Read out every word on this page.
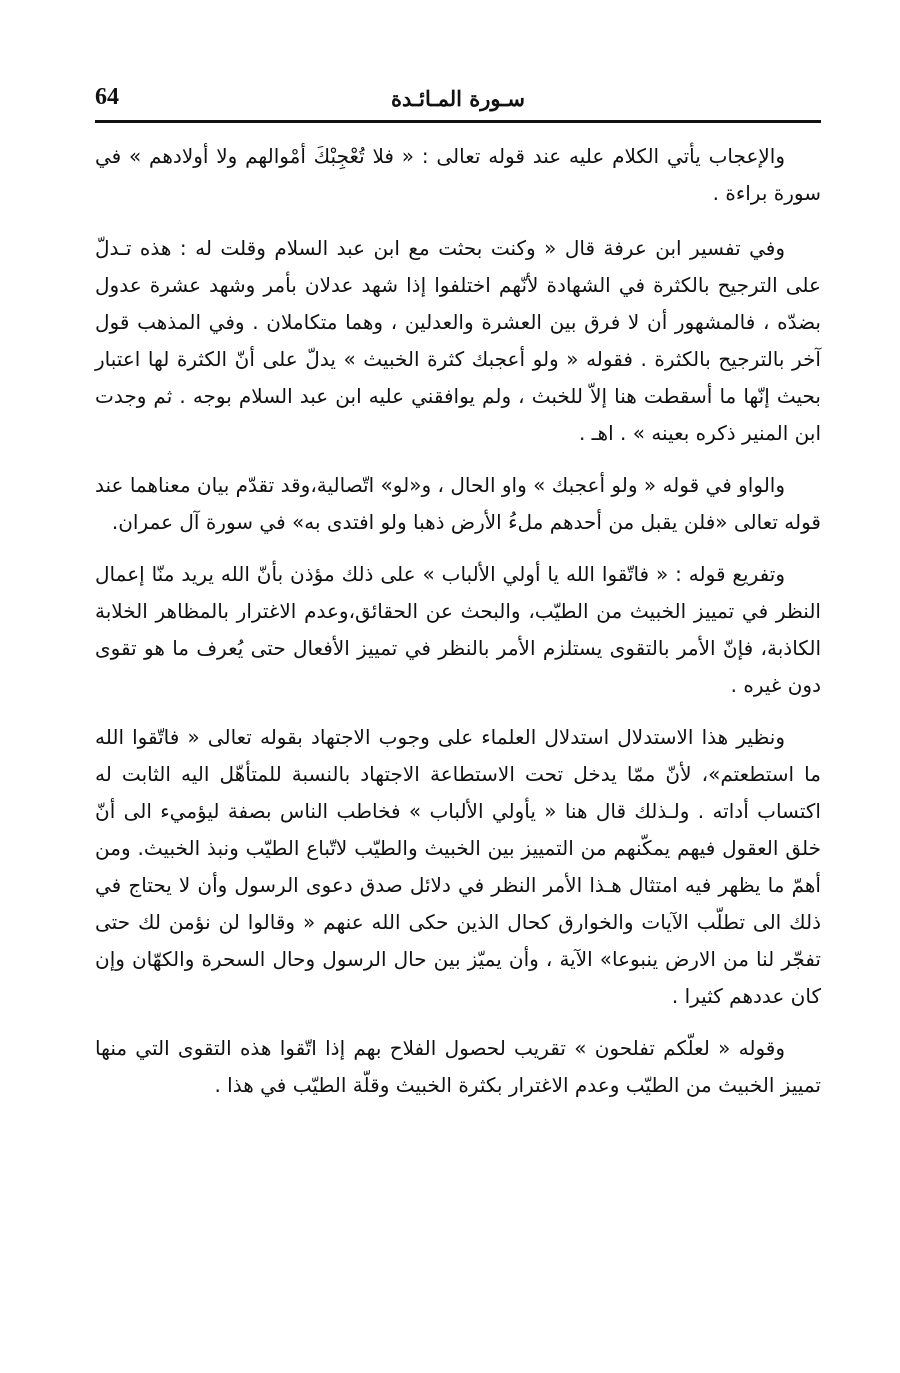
64	سـورة المـائـدة

والإعجاب يأتي الكلام عليه عند قوله تعالى : « فلا تُعْجِبْكَ أمْوالهم ولا أولادهم » في سورة براءة .

وفي تفسير ابن عرفة قال « وكنت بحثت مع ابن عبد السلام وقلت له : هذه تـدلّ على الترجيح بالكثرة في الشهادة لأنّهم اختلفوا إذا شهد عدلان بأمر وشهد عشرة عدول بضدّه ، فالمشهور أن لا فرق بين العشرة والعدلين ، وهما متكاملان . وفي المذهب قول آخر بالترجيح بالكثرة . فقوله « ولو أعجبك كثرة الخبيث » يدلّ على أنّ الكثرة لها اعتبار بحيث إنّها ما أسقطت هنا إلاّ للخبث ، ولم يوافقني عليه ابن عبد السلام بوجه . ثم وجدت ابن المنير ذكره بعينه » . اهـ .

والواو في قوله « ولو أعجبك » واو الحال ، و«لو» اتّصالية،وقد تقدّم بيان معناهما عند قوله تعالى «فلن يقبل من أحدهم ملءُ الأرض ذهبا ولو افتدى به» في سورة آل عمران.

وتفريع قوله : « فاتّقوا الله يا أولي الألباب » على ذلك مؤذن بأنّ الله يريد منّا إعمال النظر في تمييز الخبيث من الطيّب، والبحث عن الحقائق،وعدم الاغترار بالمظاهر الخلابة الكاذبة، فإنّ الأمر بالتقوى يستلزم الأمر بالنظر في تمييز الأفعال حتى يُعرف ما هو تقوى دون غيره .

ونظير هذا الاستدلال استدلال العلماء على وجوب الاجتهاد بقوله تعالى « فاتّقوا الله ما استطعتم»، لأنّ ممّا يدخل تحت الاستطاعة الاجتهاد بالنسبة للمتأهّل اليه الثابت له اكتساب أداته . ولـذلك قال هنا « يأولي الألباب » فخاطب الناس بصفة ليؤميء الى أنّ خلق العقول فيهم يمكّنهم من التمييز بين الخبيث والطيّب لاتّباع الطيّب ونبذ الخبيث. ومن أهمّ ما يظهر فيه امتثال هـذا الأمر النظر في دلائل صدق دعوى الرسول وأن لا يحتاج في ذلك الى تطلّب الآيات والخوارق كحال الذين حكى الله عنهم « وقالوا لن نؤمن لك حتى تفجّر لنا من الارض ينبوعا» الآية ، وأن يميّز بين حال الرسول وحال السحرة والكهّان وإن كان عددهم كثيرا .

وقوله « لعلّكم تفلحون » تقريب لحصول الفلاح بهم إذا اتّقوا هذه التقوى التي منها تمييز الخبيث من الطيّب وعدم الاغترار بكثرة الخبيث وقلّة الطيّب في هذا .
